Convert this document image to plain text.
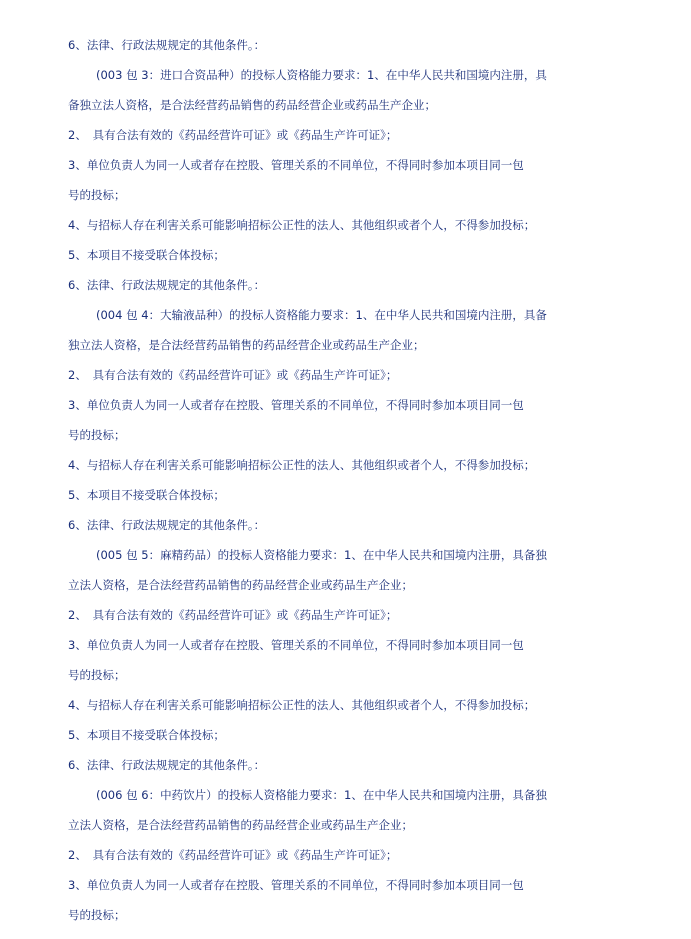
6、法律、行政法规规定的其他条件。：
(003 包 3：进口合资品种）的投标人资格能力要求：1、在中华人民共和国境内注册，具
备独立法人资格，是合法经营药品销售的药品经营企业或药品生产企业；
2、　具有合法有效的《药品经营许可证》或《药品生产许可证》；
3、单位负责人为同一人或者存在控股、管理关系的不同单位，不得同时参加本项目同一包
号的投标；
4、与招标人存在利害关系可能影响招标公正性的法人、其他组织或者个人，不得参加投标；
5、本项目不接受联合体投标；
6、法律、行政法规规定的其他条件。：
(004 包 4：大输液品种）的投标人资格能力要求：1、在中华人民共和国境内注册，具备
独立法人资格，是合法经营药品销售的药品经营企业或药品生产企业；
2、　具有合法有效的《药品经营许可证》或《药品生产许可证》；
3、单位负责人为同一人或者存在控股、管理关系的不同单位，不得同时参加本项目同一包
号的投标；
4、与招标人存在利害关系可能影响招标公正性的法人、其他组织或者个人，不得参加投标；
5、本项目不接受联合体投标；
6、法律、行政法规规定的其他条件。：
(005 包 5：麻精药品）的投标人资格能力要求：1、在中华人民共和国境内注册，具备独
立法人资格，是合法经营药品销售的药品经营企业或药品生产企业；
2、　具有合法有效的《药品经营许可证》或《药品生产许可证》；
3、单位负责人为同一人或者存在控股、管理关系的不同单位，不得同时参加本项目同一包
号的投标；
4、与招标人存在利害关系可能影响招标公正性的法人、其他组织或者个人，不得参加投标；
5、本项目不接受联合体投标；
6、法律、行政法规规定的其他条件。：
(006 包 6：中药饮片）的投标人资格能力要求：1、在中华人民共和国境内注册，具备独
立法人资格，是合法经营药品销售的药品经营企业或药品生产企业；
2、　具有合法有效的《药品经营许可证》或《药品生产许可证》；
3、单位负责人为同一人或者存在控股、管理关系的不同单位，不得同时参加本项目同一包
号的投标；
